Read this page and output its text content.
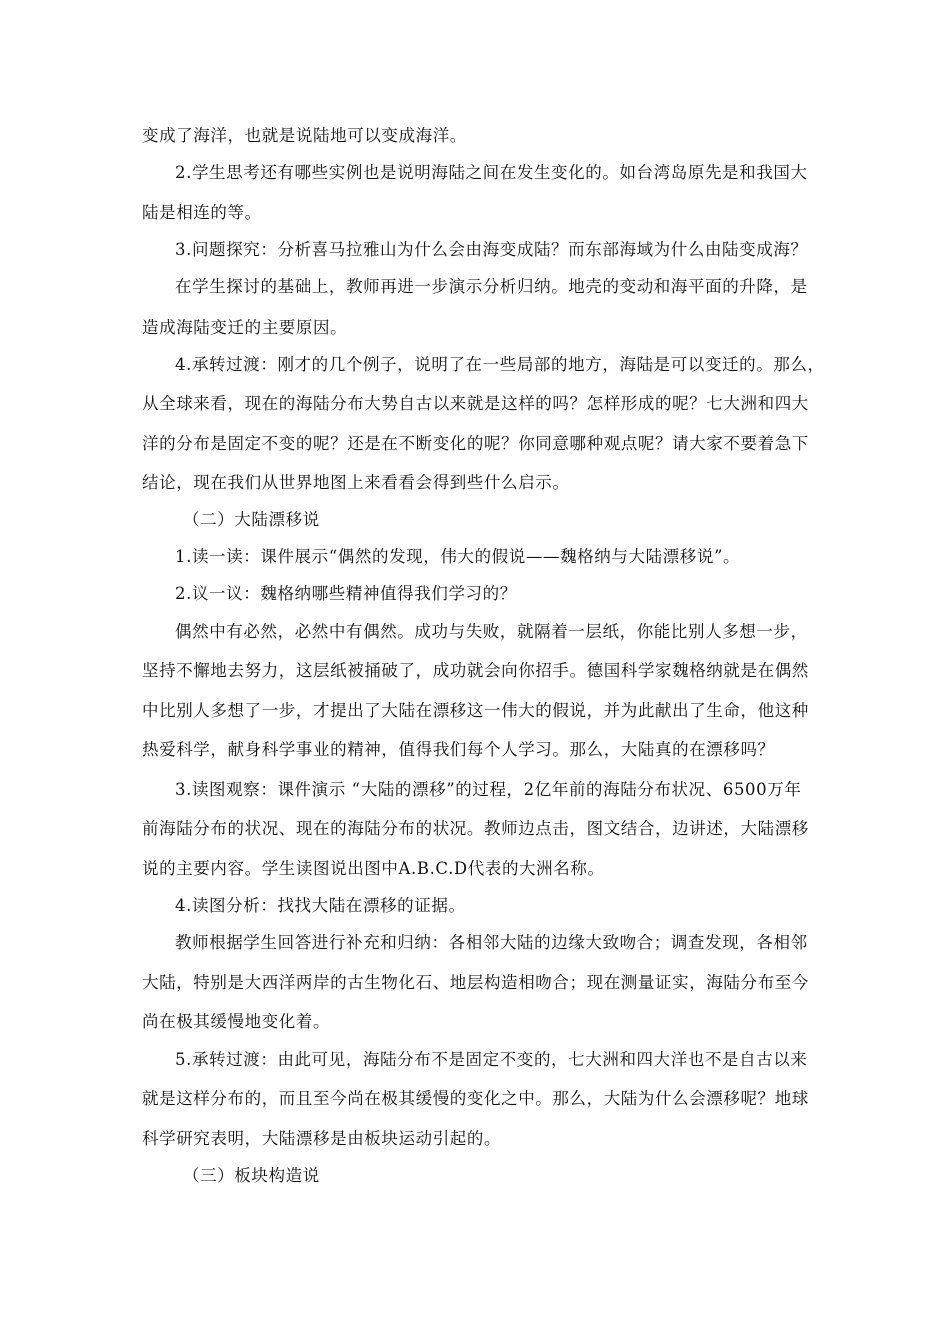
变成了海洋，也就是说陆地可以变成海洋。
2.学生思考还有哪些实例也是说明海陆之间在发生变化的。如台湾岛原先是和我国大
陆是相连的等。
3.问题探究：分析喜马拉雅山为什么会由海变成陆？而东部海域为什么由陆变成海？
在学生探讨的基础上，教师再进一步演示分析归纳。地壳的变动和海平面的升降，是
造成海陆变迁的主要原因。
4.承转过渡：刚才的几个例子，说明了在一些局部的地方，海陆是可以变迁的。那么，
从全球来看，现在的海陆分布大势自古以来就是这样的吗？怎样形成的呢？七大洲和四大
洋的分布是固定不变的呢？还是在不断变化的呢？你同意哪种观点呢？请大家不要着急下
结论，现在我们从世界地图上来看看会得到些什么启示。
（二）大陆漂移说
1.读一读：课件展示“偶然的发现，伟大的假说——魏格纳与大陆漂移说”。
2.议一议：魏格纳哪些精神值得我们学习的？
偶然中有必然，必然中有偶然。成功与失败，就隔着一层纸，你能比别人多想一步，
坚持不懈地去努力，这层纸被捅破了，成功就会向你招手。德国科学家魏格纳就是在偶然
中比别人多想了一步，才提出了大陆在漂移这一伟大的假说，并为此献出了生命，他这种
热爱科学，献身科学事业的精神，值得我们每个人学习。那么，大陆真的在漂移吗？
3.读图观察：课件演示 “大陆的漂移”的过程，2亿年前的海陆分布状况、6500万年
前海陆分布的状况、现在的海陆分布的状况。教师边点击，图文结合，边讲述，大陆漂移
说的主要内容。学生读图说出图中A.B.C.D代表的大洲名称。
4.读图分析：找找大陆在漂移的证据。
教师根据学生回答进行补充和归纳：各相邻大陆的边缘大致吻合；调查发现，各相邻
大陆，特别是大西洋两岸的古生物化石、地层构造相吻合；现在测量证实，海陆分布至今
尚在极其缓慢地变化着。
5.承转过渡：由此可见，海陆分布不是固定不变的，七大洲和四大洋也不是自古以来
就是这样分布的，而且至今尚在极其缓慢的变化之中。那么，大陆为什么会漂移呢？地球
科学研究表明，大陆漂移是由板块运动引起的。
（三）板块构造说
